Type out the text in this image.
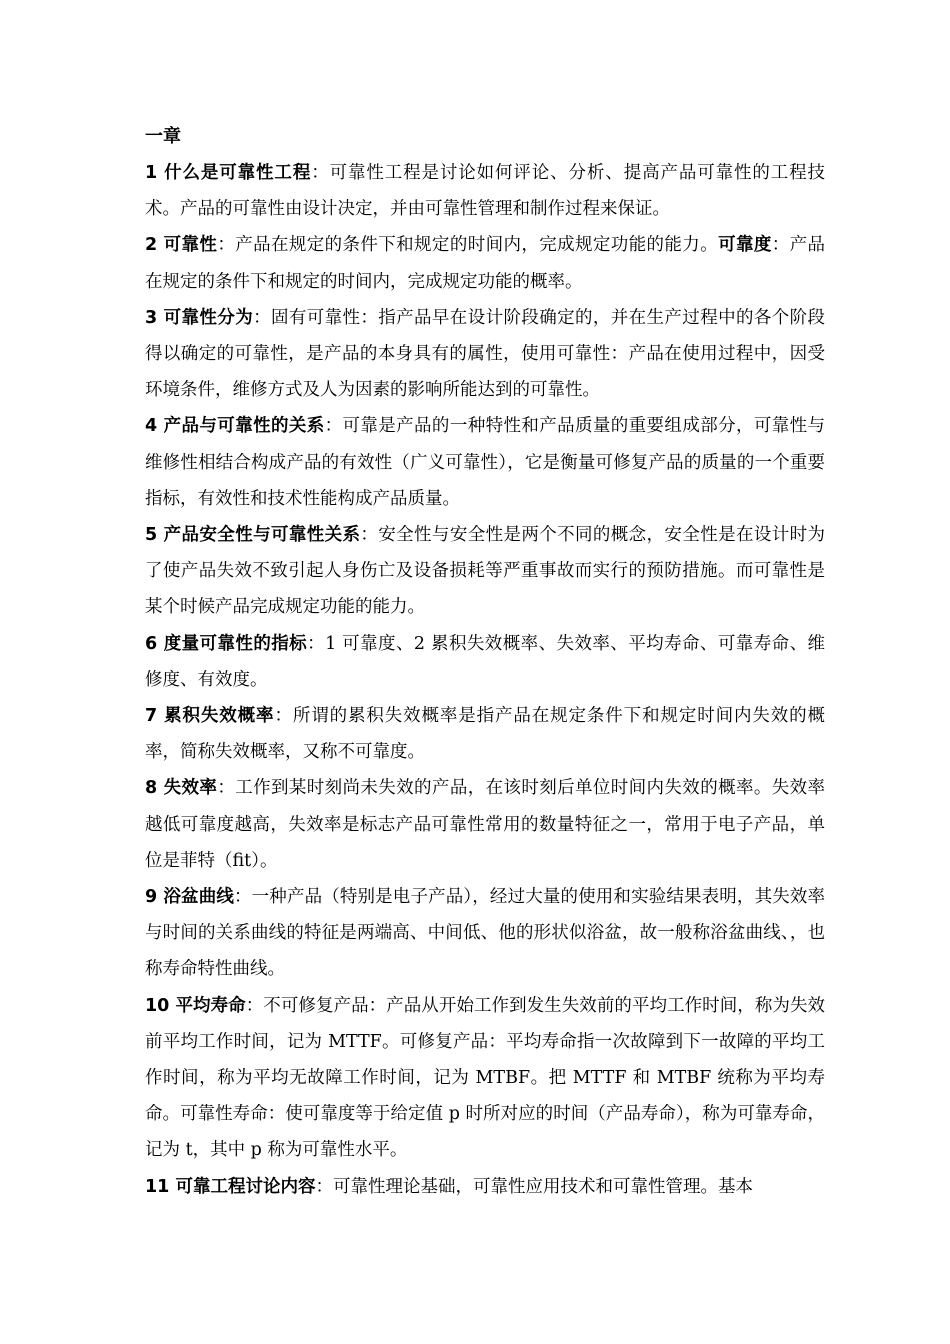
一章

1 什么是可靠性工程：可靠性工程是讨论如何评论、分析、提高产品可靠性的工程技术。产品的可靠性由设计决定，并由可靠性管理和制作过程来保证。

2 可靠性：产品在规定的条件下和规定的时间内，完成规定功能的能力。可靠度：产品在规定的条件下和规定的时间内，完成规定功能的概率。

3 可靠性分为：固有可靠性：指产品早在设计阶段确定的，并在生产过程中的各个阶段得以确定的可靠性，是产品的本身具有的属性，使用可靠性：产品在使用过程中，因受环境条件，维修方式及人为因素的影响所能达到的可靠性。

4 产品与可靠性的关系：可靠是产品的一种特性和产品质量的重要组成部分，可靠性与维修性相结合构成产品的有效性（广义可靠性），它是衡量可修复产品的质量的一个重要指标，有效性和技术性能构成产品质量。

5 产品安全性与可靠性关系：安全性与安全性是两个不同的概念，安全性是在设计时为了使产品失效不致引起人身伤亡及设备损耗等严重事故而实行的预防措施。而可靠性是某个时候产品完成规定功能的能力。

6 度量可靠性的指标：1 可靠度、2 累积失效概率、失效率、平均寿命、可靠寿命、维修度、有效度。

7 累积失效概率：所谓的累积失效概率是指产品在规定条件下和规定时间内失效的概率，简称失效概率，又称不可靠度。

8 失效率：工作到某时刻尚未失效的产品，在该时刻后单位时间内失效的概率。失效率越低可靠度越高，失效率是标志产品可靠性常用的数量特征之一，常用于电子产品，单位是菲特（fit）。

9 浴盆曲线：一种产品（特别是电子产品），经过大量的使用和实验结果表明，其失效率与时间的关系曲线的特征是两端高、中间低、他的形状似浴盆，故一般称浴盆曲线、，也称寿命特性曲线。

10 平均寿命：不可修复产品：产品从开始工作到发生失效前的平均工作时间，称为失效前平均工作时间，记为 MTTF。可修复产品：平均寿命指一次故障到下一故障的平均工作时间，称为平均无故障工作时间，记为 MTBF。把 MTTF 和 MTBF 统称为平均寿命。可靠性寿命：使可靠度等于给定值 p 时所对应的时间（产品寿命），称为可靠寿命，记为 t，其中 p 称为可靠性水平。

11 可靠工程讨论内容：可靠性理论基础，可靠性应用技术和可靠性管理。基本
